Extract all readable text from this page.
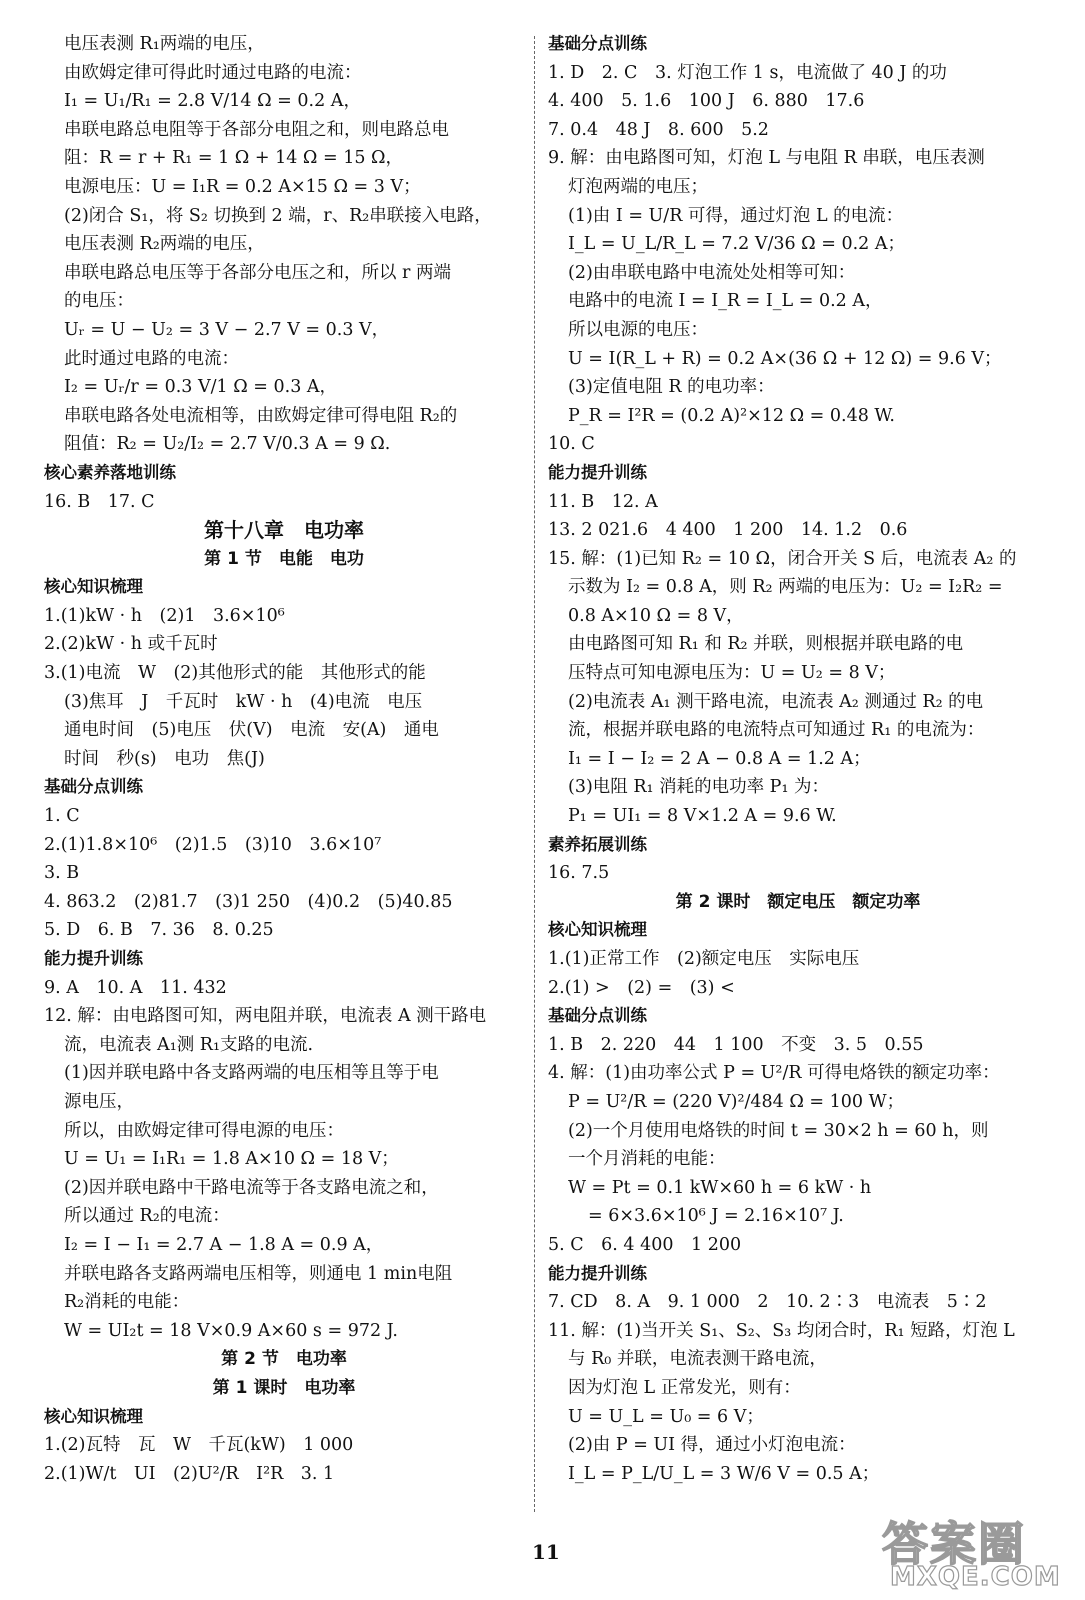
电压表测 R₁两端的电压，
由欧姆定律可得此时通过电路的电流：
I₁ = U₁/R₁ = 2.8 V/14 Ω = 0.2 A，
串联电路总电阻等于各部分电阻之和，则电路总电
阻：R = r + R₁ = 1 Ω + 14 Ω = 15 Ω，
电源电压：U = I₁R = 0.2 A×15 Ω = 3 V；
(2)闭合 S₁，将 S₂ 切换到 2 端，r、R₂串联接入电路，
电压表测 R₂两端的电压，
串联电路总电压等于各部分电压之和，所以 r 两端
的电压：
Uᵣ = U − U₂ = 3 V − 2.7 V = 0.3 V，
此时通过电路的电流：
I₂ = Uᵣ/r = 0.3 V/1 Ω = 0.3 A，
串联电路各处电流相等，由欧姆定律可得电阻 R₂的
阻值：R₂ = U₂/I₂ = 2.7 V/0.3 A = 9 Ω.
核心素养落地训练
16. B　17. C
第十八章　电功率
第 1 节　电能　电功
核心知识梳理
1.(1)kW · h　(2)1　3.6×10⁶
2.(2)kW · h 或千瓦时
3.(1)电流　W　(2)其他形式的能　其他形式的能
(3)焦耳　J　千瓦时　kW · h　(4)电流　电压
通电时间　(5)电压　伏(V)　电流　安(A)　通电
时间　秒(s)　电功　焦(J)
基础分点训练
1. C
2.(1)1.8×10⁶　(2)1.5　(3)10　3.6×10⁷
3. B
4. 863.2　(2)81.7　(3)1 250　(4)0.2　(5)40.85
5. D　6. B　7. 36　8. 0.25
能力提升训练
9. A　10. A　11. 432
12. 解：由电路图可知，两电阻并联，电流表 A 测干路电
流，电流表 A₁测 R₁支路的电流.
(1)因并联电路中各支路两端的电压相等且等于电
源电压，
所以，由欧姆定律可得电源的电压：
U = U₁ = I₁R₁ = 1.8 A×10 Ω = 18 V；
(2)因并联电路中干路电流等于各支路电流之和，
所以通过 R₂的电流：
I₂ = I − I₁ = 2.7 A − 1.8 A = 0.9 A，
并联电路各支路两端电压相等，则通电 1 min电阻
R₂消耗的电能：
W = UI₂t = 18 V×0.9 A×60 s = 972 J.
第 2 节　电功率
第 1 课时　电功率
核心知识梳理
1.(2)瓦特　瓦　W　千瓦(kW)　1 000
2.(1)W/t　UI　(2)U²/R　I²R　3. 1
基础分点训练
1. D　2. C　3. 灯泡工作 1 s，电流做了 40 J 的功
4. 400　5. 1.6　100 J　6. 880　17.6
7. 0.4　48 J　8. 600　5.2
9. 解：由电路图可知，灯泡 L 与电阻 R 串联，电压表测
灯泡两端的电压；
(1)由 I = U/R 可得，通过灯泡 L 的电流：
I_L = U_L/R_L = 7.2 V/36 Ω = 0.2 A；
(2)由串联电路中电流处处相等可知：
电路中的电流 I = I_R = I_L = 0.2 A，
所以电源的电压：
U = I(R_L + R) = 0.2 A×(36 Ω + 12 Ω) = 9.6 V；
(3)定值电阻 R 的电功率：
P_R = I²R = (0.2 A)²×12 Ω = 0.48 W.
10. C
能力提升训练
11. B　12. A
13. 2 021.6　4 400　1 200　14. 1.2　0.6
15. 解：(1)已知 R₂ = 10 Ω，闭合开关 S 后，电流表 A₂ 的
示数为 I₂ = 0.8 A，则 R₂ 两端的电压为：U₂ = I₂R₂ =
0.8 A×10 Ω = 8 V，
由电路图可知 R₁ 和 R₂ 并联，则根据并联电路的电
压特点可知电源电压为：U = U₂ = 8 V；
(2)电流表 A₁ 测干路电流，电流表 A₂ 测通过 R₂ 的电
流，根据并联电路的电流特点可知通过 R₁ 的电流为：
I₁ = I − I₂ = 2 A − 0.8 A = 1.2 A；
(3)电阻 R₁ 消耗的电功率 P₁ 为：
P₁ = UI₁ = 8 V×1.2 A = 9.6 W.
素养拓展训练
16. 7.5
第 2 课时　额定电压　额定功率
核心知识梳理
1.(1)正常工作　(2)额定电压　实际电压
2.(1) >　(2) =　(3) <
基础分点训练
1. B　2. 220　44　1 100　不变　3. 5　0.55
4. 解：(1)由功率公式 P = U²/R 可得电烙铁的额定功率：
P = U²/R = (220 V)²/484 Ω = 100 W；
(2)一个月使用电烙铁的时间 t = 30×2 h = 60 h，则
一个月消耗的电能：
W = Pt = 0.1 kW×60 h = 6 kW · h
= 6×3.6×10⁶ J = 2.16×10⁷ J.
5. C　6. 4 400　1 200
能力提升训练
7. CD　8. A　9. 1 000　2　10. 2∶3　电流表　5∶2
11. 解：(1)当开关 S₁、S₂、S₃ 均闭合时，R₁ 短路，灯泡 L
与 R₀ 并联，电流表测干路电流，
因为灯泡 L 正常发光，则有：
U = U_L = U₀ = 6 V；
(2)由 P = UI 得，通过小灯泡电流：
I_L = P_L/U_L = 3 W/6 V = 0.5 A；
11	答案圈
MXQE.COM
